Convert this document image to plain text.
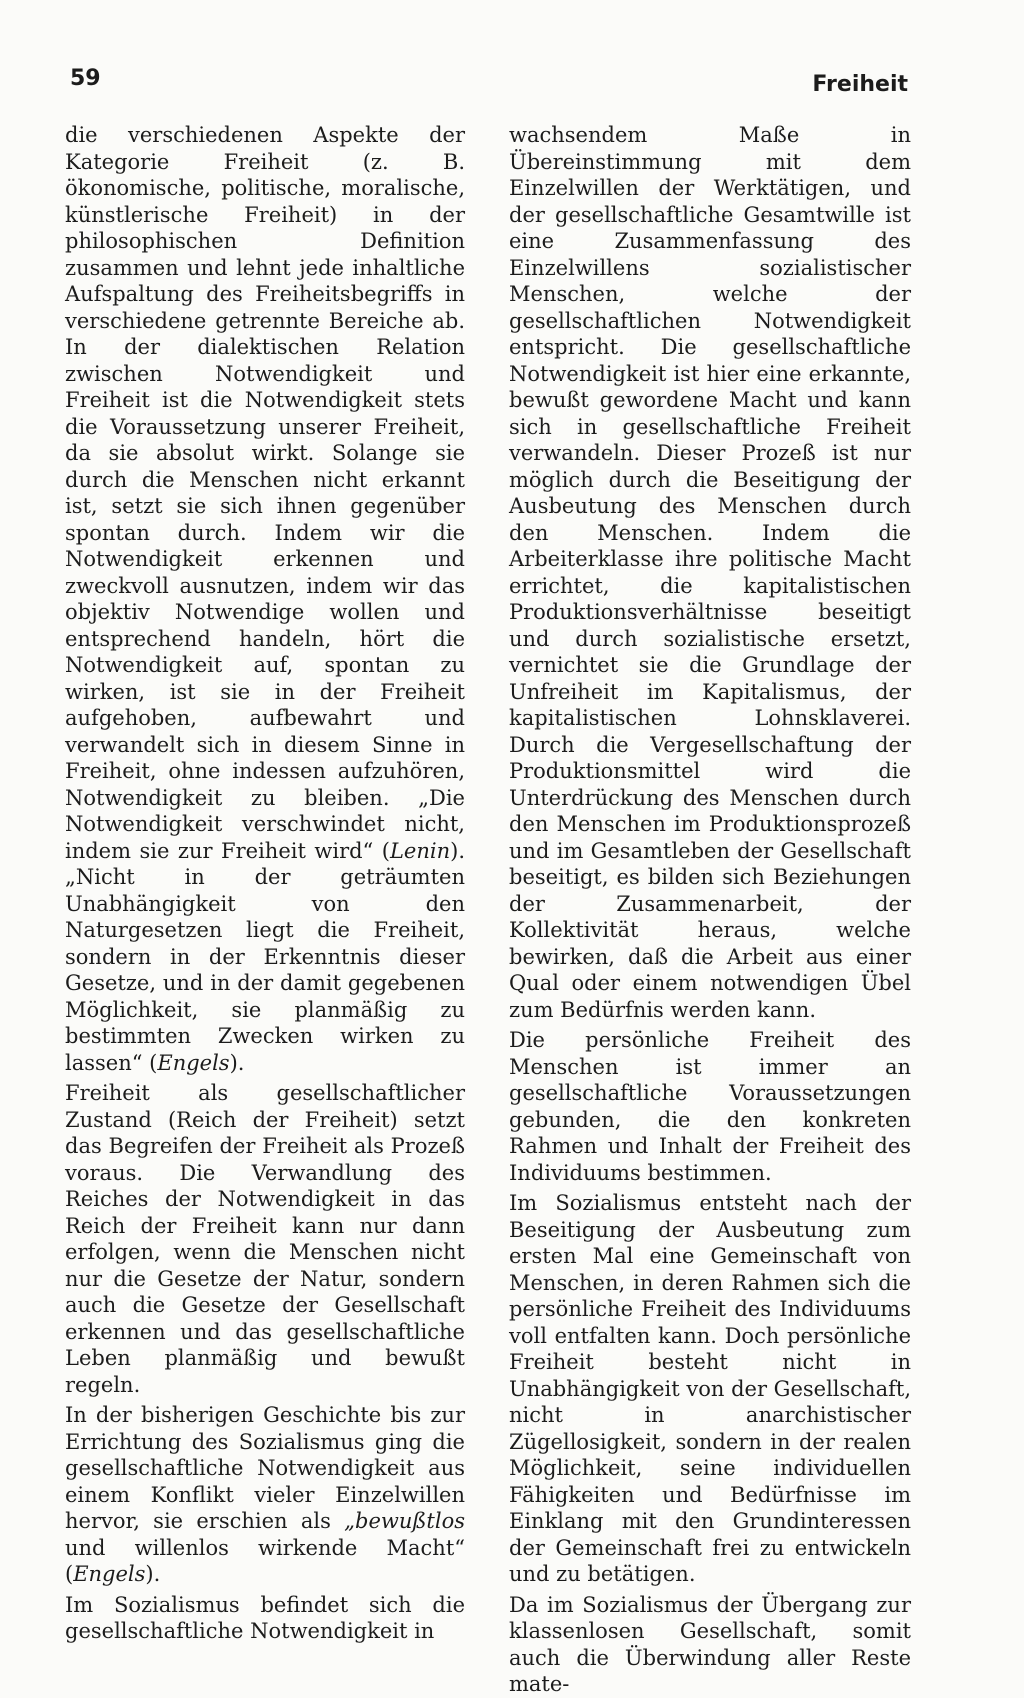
59	Freiheit

die verschiedenen Aspekte der Kategorie Freiheit (z. B. ökonomische, politische, moralische, künstlerische Freiheit) in der philosophischen Definition zusammen und lehnt jede inhaltliche Aufspaltung des Freiheitsbegriffs in verschiedene getrennte Bereiche ab. In der dialektischen Relation zwischen Notwendigkeit und Freiheit ist die Notwendigkeit stets die Voraussetzung unserer Freiheit, da sie absolut wirkt. Solange sie durch die Menschen nicht erkannt ist, setzt sie sich ihnen gegenüber spontan durch. Indem wir die Notwendigkeit erkennen und zweckvoll ausnutzen, indem wir das objektiv Notwendige wollen und entsprechend handeln, hört die Notwendigkeit auf, spontan zu wirken, ist sie in der Freiheit aufgehoben, aufbewahrt und verwandelt sich in diesem Sinne in Freiheit, ohne indessen aufzuhören, Notwendigkeit zu bleiben. „Die Notwendigkeit verschwindet nicht, indem sie zur Freiheit wird“ (Lenin). „Nicht in der geträumten Unabhängigkeit von den Naturgesetzen liegt die Freiheit, sondern in der Erkenntnis dieser Gesetze, und in der damit gegebenen Möglichkeit, sie planmäßig zu bestimmten Zwecken wirken zu lassen“ (Engels).

Freiheit als gesellschaftlicher Zustand (Reich der Freiheit) setzt das Begreifen der Freiheit als Prozeß voraus. Die Verwandlung des Reiches der Notwendigkeit in das Reich der Freiheit kann nur dann erfolgen, wenn die Menschen nicht nur die Gesetze der Natur, sondern auch die Gesetze der Gesellschaft erkennen und das gesellschaftliche Leben planmäßig und bewußt regeln.

In der bisherigen Geschichte bis zur Errichtung des Sozialismus ging die gesellschaftliche Notwendigkeit aus einem Konflikt vieler Einzelwillen hervor, sie erschien als „bewußtlos und willenlos wirkende Macht“ (Engels).

Im Sozialismus befindet sich die gesellschaftliche Notwendigkeit in

wachsendem Maße in Übereinstimmung mit dem Einzelwillen der Werktätigen, und der gesellschaftliche Gesamtwille ist eine Zusammenfassung des Einzelwillens sozialistischer Menschen, welche der gesellschaftlichen Notwendigkeit entspricht. Die gesellschaftliche Notwendigkeit ist hier eine erkannte, bewußt gewordene Macht und kann sich in gesellschaftliche Freiheit verwandeln. Dieser Prozeß ist nur möglich durch die Beseitigung der Ausbeutung des Menschen durch den Menschen. Indem die Arbeiterklasse ihre politische Macht errichtet, die kapitalistischen Produktionsverhältnisse beseitigt und durch sozialistische ersetzt, vernichtet sie die Grundlage der Unfreiheit im Kapitalismus, der kapitalistischen Lohnsklaverei. Durch die Vergesellschaftung der Produktionsmittel wird die Unterdrückung des Menschen durch den Menschen im Produktionsprozeß und im Gesamtleben der Gesellschaft beseitigt, es bilden sich Beziehungen der Zusammenarbeit, der Kollektivität heraus, welche bewirken, daß die Arbeit aus einer Qual oder einem notwendigen Übel zum Bedürfnis werden kann.

Die persönliche Freiheit des Menschen ist immer an gesellschaftliche Voraussetzungen gebunden, die den konkreten Rahmen und Inhalt der Freiheit des Individuums bestimmen.

Im Sozialismus entsteht nach der Beseitigung der Ausbeutung zum ersten Mal eine Gemeinschaft von Menschen, in deren Rahmen sich die persönliche Freiheit des Individuums voll entfalten kann. Doch persönliche Freiheit besteht nicht in Unabhängigkeit von der Gesellschaft, nicht in anarchistischer Zügellosigkeit, sondern in der realen Möglichkeit, seine individuellen Fähigkeiten und Bedürfnisse im Einklang mit den Grundinteressen der Gemeinschaft frei zu entwickeln und zu betätigen.

Da im Sozialismus der Übergang zur klassenlosen Gesellschaft, somit auch die Überwindung aller Reste mate-
